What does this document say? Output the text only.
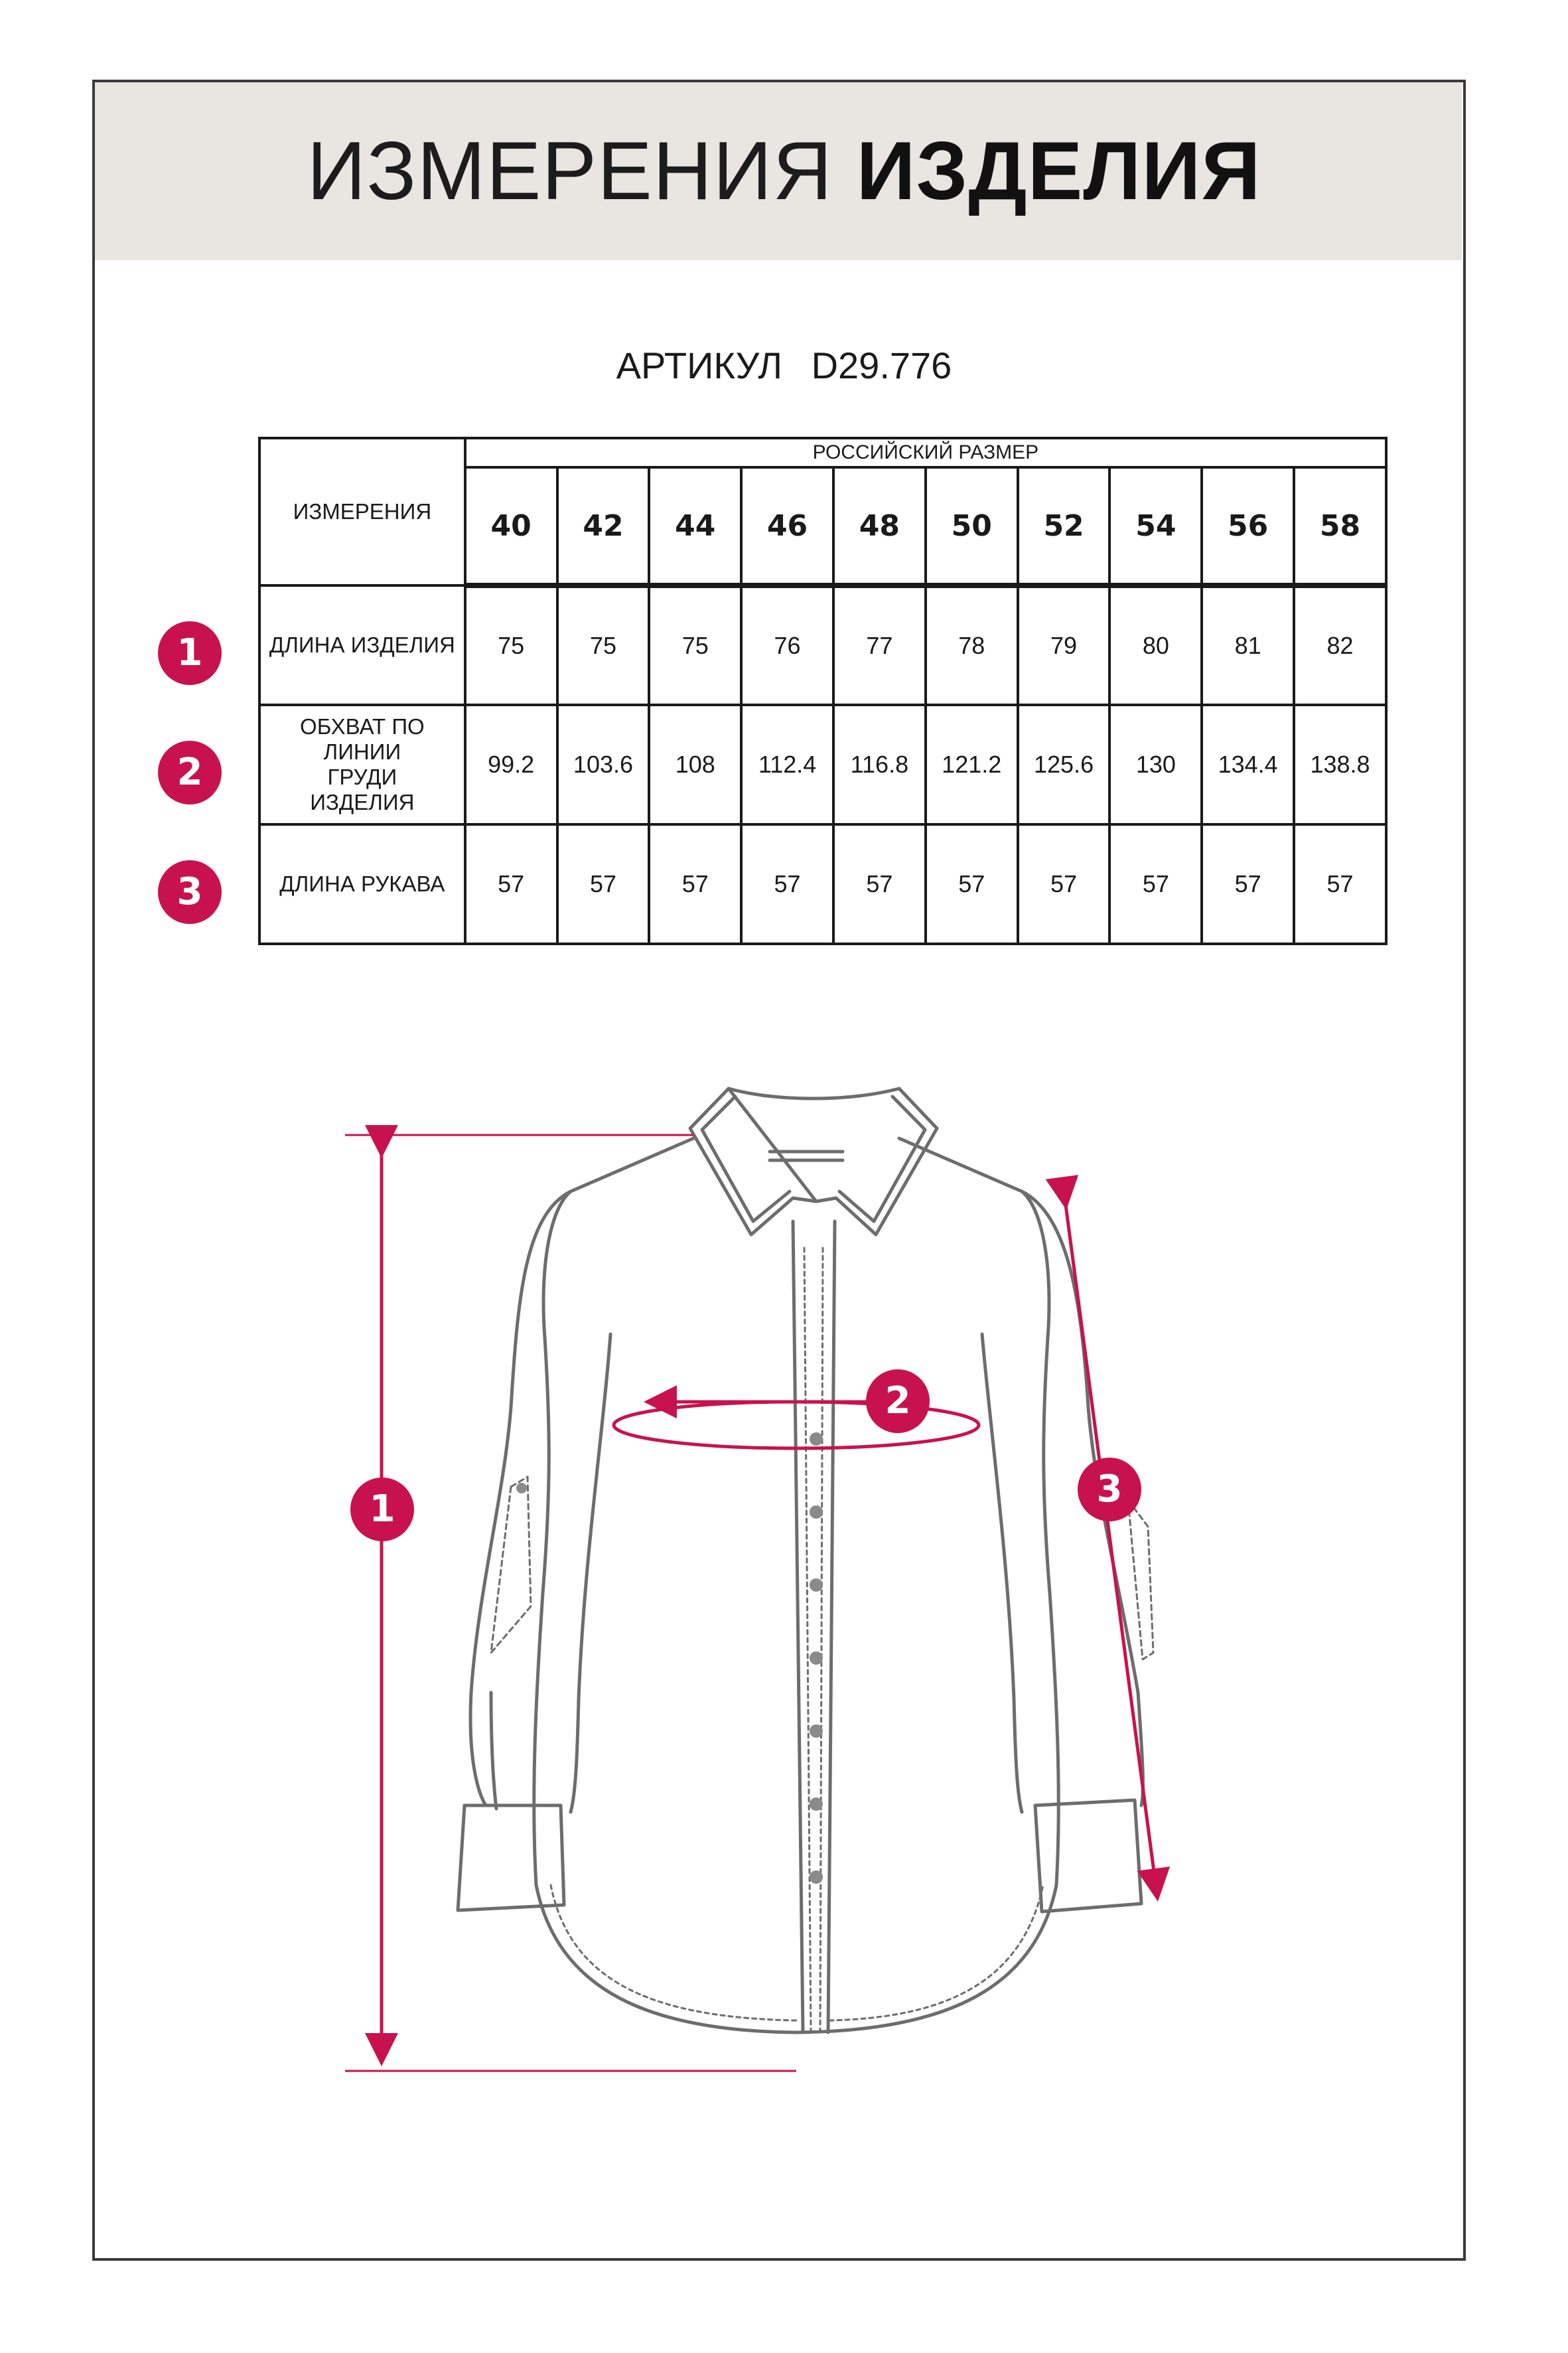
ИЗМЕРЕНИЯ ИЗДЕЛИЯ
АРТИКУЛ D29.776
ИЗМЕРЕНИЯ	РОССИЙСКИЙ РАЗМЕР									
	40	42	44	46	48	50	52	54	56	58
ДЛИНА ИЗДЕЛИЯ	75	75	75	76	77	78	79	80	81	82
ОБХВАТ ПО ЛИНИИ ГРУДИ ИЗДЕЛИЯ	99.2	103.6	108	112.4	116.8	121.2	125.6	130	134.4	138.8
ДЛИНА РУКАВА	57	57	57	57	57	57	57	57	57	57
1
2
3
1
2
3
